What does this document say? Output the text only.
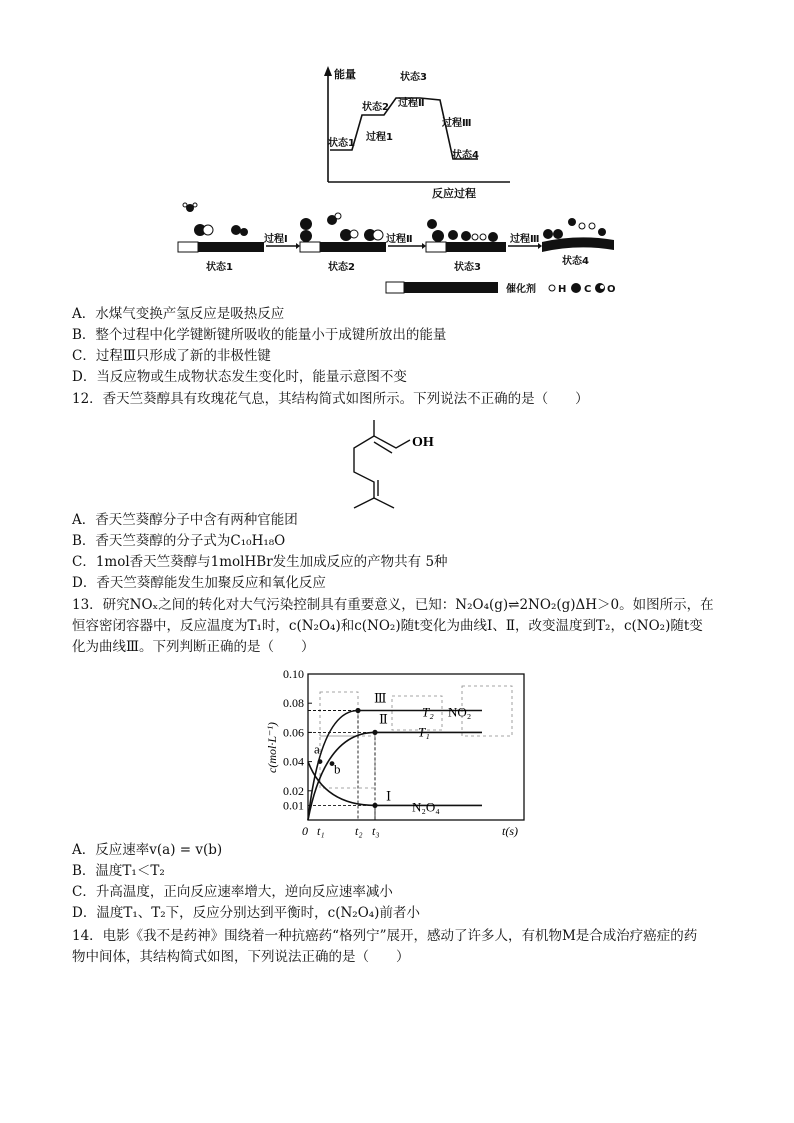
能量
反应过程
状态1
状态2
状态3
状态4
过程1
过程Ⅱ
过程Ⅲ
过程Ⅰ	过程Ⅱ	过程Ⅲ
状态1	状态2	状态3
状态4
催化剂 H C O
A．水煤气变换产氢反应是吸热反应
B．整个过程中化学键断键所吸收的能量小于成键所放出的能量
C．过程Ⅲ只形成了新的非极性键
D．当反应物或生成物状态发生变化时，能量示意图不变
12．香天竺葵醇具有玫瑰花气息，其结构简式如图所示。下列说法不正确的是（　　）
OH
A．香天竺葵醇分子中含有两种官能团
B．香天竺葵醇的分子式为C₁₀H₁₈O
C．1mol香天竺葵醇与1molHBr发生加成反应的产物共有 5种
D．香天竺葵醇能发生加聚反应和氧化反应
13．研究NOₓ之间的转化对大气污染控制具有重要意义，已知：N₂O₄(g)⇌2NO₂(g)ΔH＞0。如图所示，在
恒容密闭容器中，反应温度为T₁时，c(N₂O₄)和c(NO₂)随t变化为曲线Ⅰ、Ⅱ，改变温度到T₂，c(NO₂)随t变
化为曲线Ⅲ。下列判断正确的是（　　）
0.01
0.02
0.04
0.06
0.08
0.10
0 t₁	t₂ t₃
c(mol·L⁻¹)
t(s)
a
b
Ⅲ
Ⅱ
Ⅰ
T₂
T₁
N₂O₄
NO₂
A．反应速率v(a) = v(b)
B．温度T₁＜T₂
C．升高温度，正向反应速率增大，逆向反应速率减小
D．温度T₁、T₂下，反应分别达到平衡时，c(N₂O₄)前者小
14．电影《我不是药神》围绕着一种抗癌药“格列宁”展开，感动了许多人，有机物M是合成治疗癌症的药
物中间体，其结构简式如图，下列说法正确的是（　　）
